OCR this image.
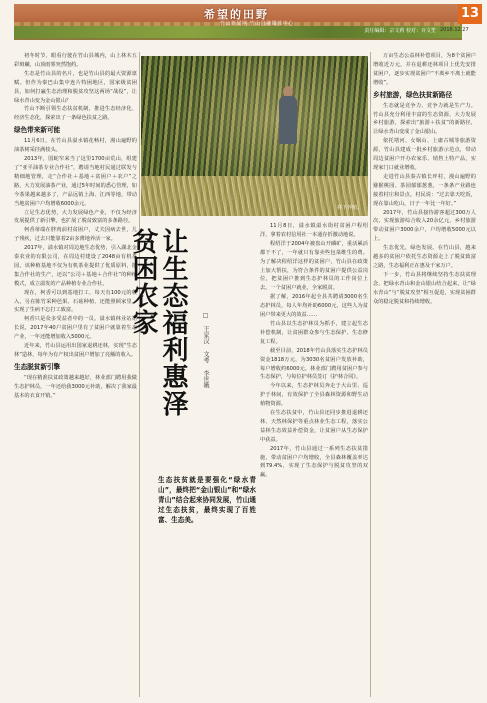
希望的田野
竹山新闻网 竹山县融媒体中心
责任编辑：宗文莉 校对：百文笙
13
2018.12.27

初冬时节，眼看行驶在竹山县城内，山上林木五彩斑斓，山顶雨雾突然饱约。

生态是竹山县的名片，也是竹山县的最大资源禀赋。但作为秦巴山集中连片特困地区，国家级贫困县，如何打赢生态治理和脱贫攻坚这两场“战役”，让绿水青山变为金山银山？

竹山不断引领生态扶贫机制，推进生态经济化、经济生态化，探索出了一条绿色扶贫之路。

绿色带来新可能

11月6日，在竹山县溢水镇花畅村，漫山遍野的油茶树采挂满枝头。

2013年，国蛇窄来当了这里1700亩荒山，组建了“亚平油茶专业合作社”，聘请当地村民通过联发与精细地管理，走“合作社＋基地＋贫困户＋农户”之路，大力发展油茶产业，通过5年时间的悉心管理，如今茶果越来越多了，产品远销上海、江西等地，带动当地贫困户户均增收6000余元。

立足生态优势，大力发展绿色产业，不仅为经济发展提供了新引擎，也扩展了脱贫致富的多条路径。

柯香蒂端在胖肉前村贫困户，丈夫因病去世，儿子残疾，过去只能靠着2亩多薄地养活一家。

2017年，溢水镇对周边地生态优势，引入湖北金泰农业的有限公司，在周边村建设了2048亩有机茶园，该种植基地不仅为有机茶业提供了优质原料，把集合作社的生产，还以“公司＋基地＋合作社”的种植模式，成立溢发的产品种植专业合作社。

现在，柯香可以到基地打工，每天有100元的收入，另在陈竹采种芭果、石菇种植、还能照顾家里，实现了生病不忘打工致富。

柯香只是众多受益者中的一员。溢水镇林业站站长说，2017年40户贫困户里有了贫困户就靠着生态产业，一年还能增加收入5000元。

近年来，竹山县运用出国家退耕还林，实现“生态林”造林，每年为有产权出贫困户增加了亮额的收入。

生态脱贫新引擎

“现在精准扶贫政策越来越好，林业部门聘用我做生态护林员，一年还给我3000元补助，解决了我家最基本的衣食开销。”

林下养殖。
让生态福利惠泽贫困农家
□ 王家汉 文考 李世娥

生态扶贫就是要强化“绿水青山”，最终把“金山银山”和“绿水青山”结合起来协同发展，竹山通过生态扶贫，最终实现了百姓富、生态美。

11月8日，溢水镇溢水街村贫困户程绍洋，拿着农村信用社一本通存折激动地说。

程绍洋于2004年被盘山开磷矿，重活累活都干不了，一年就只有靠卖些包菜维生的费。为了解决程绍洋这样的贫困户，竹山县在政策上加大帮扶，为符合条件的贫困户提供公益岗位，把贫困户推到生态护林员的工作岗位上去。一个贫困户就业，全家脱贫。

据了解，2016年起全县共聘请3000名生态护林员，每人年均补助6000元，这些人为贫困户带来更大的效益……

竹山县以生态护林员为抓手，建立起生态补偿机制，让贫困群众参与生态保护、生态修复工程。

截至目前，2018年竹山县落实生态护林员资金1818万元，为3030名贫困户发放补助，每户增收约6000元。林业部门聘用贫困户参与生态保护，与每位护林员签订《护林合同》。

今年以来，生态护林员奔走于大山里、巡护于林间，有效保护了全县森林资源和野生动植物资源。

在生态扶贫中，竹山县还同步推进退耕还林、天然林保护等重点林业生态工程，落实公益林生态效益补偿资金，让贫困户从生态保护中获益。

2017年，竹山县通过一系列生态扶贫措施，带动贫困户户均增收，全县森林覆盖率达到79.4%，实现了生态保护与脱贫攻坚的双赢。

万亩生态公益林补偿项目，为8个贫困户增收近万元，并在退耕还林项目上优先安排贫困户，逐步实现贫困户“不离乡不离土就能增收”。

乡村旅游，绿色扶贫新路径

生态就是竞争力、竞争力就是生产力。竹山县充分利用丰富的生态资源，大力发展乡村旅游，探索出“旅游＋扶贫”的新路径，让绿水青山变成了金山银山。

依托堵河、女娲山、上庸古城等旅游资源，竹山县建成一批乡村旅游示范点，带动周边贫困户开办农家乐、销售土特产品，实现家门口就业增收。

走进竹山县秦古镇长坪村，漫山遍野的猕猴桃园、茶园郁郁葱葱，一条条产业路连接着村庄和景点。村民说：“过去靠天吃饭，现在靠山吃山，日子一年比一年好。”

2017年，竹山县接待游客超过300万人次，实现旅游综合收入20余亿元，乡村旅游带动贫困户3000余户，户均增收5000元以上。

生态优先，绿色发展。在竹山县，越来越多的贫困户依托生态资源走上了脱贫致富之路，生态福利正在惠及千家万户。

下一步，竹山县将继续坚持生态扶贫理念，把绿水青山和金山银山结合起来，让“绿水青山”与“脱贫攻坚”相互促进，实现贫困群众的稳定脱贫和持续增收。
